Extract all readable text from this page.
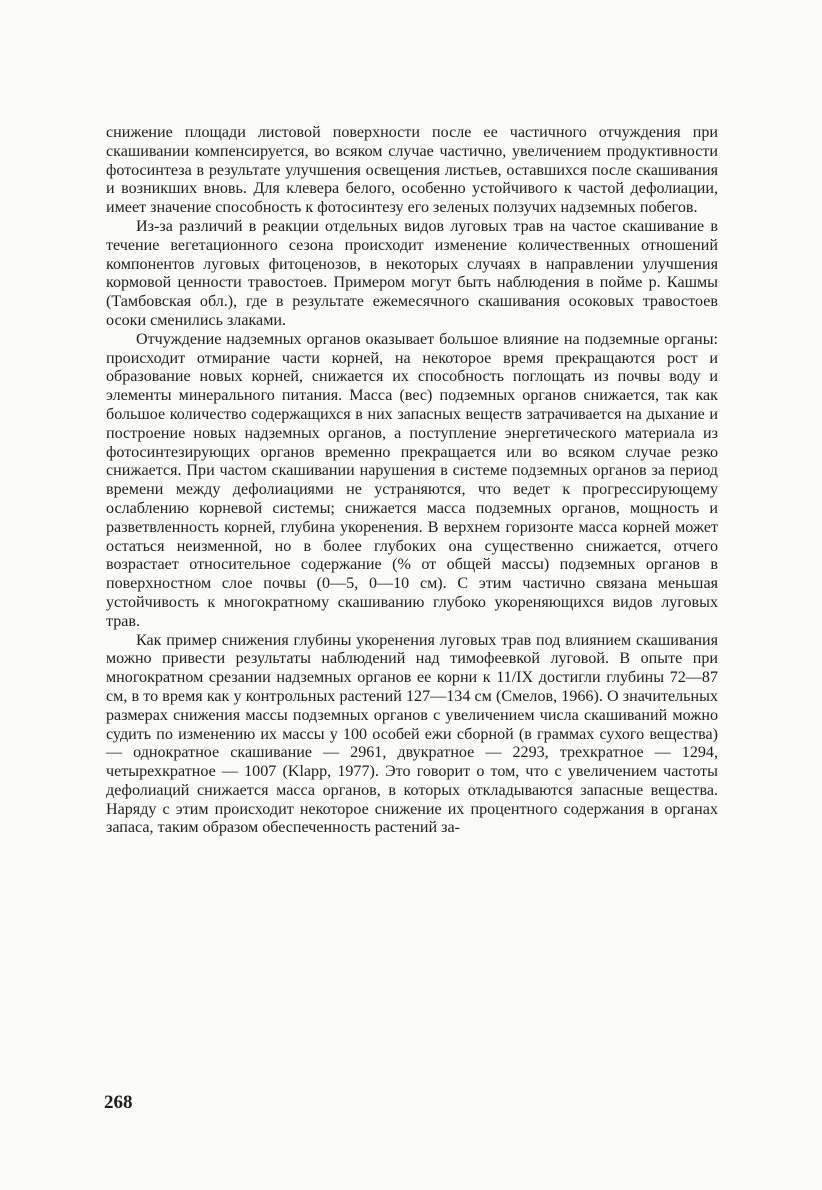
снижение площади листовой поверхности после ее частичного отчуждения при скашивании компенсируется, во всяком случае частично, увеличением продуктивности фотосинтеза в результате улучшения освещения листьев, оставшихся после скашивания и возникших вновь. Для клевера белого, особенно устойчивого к частой дефолиации, имеет значение способность к фотосинтезу его зеленых ползучих надземных побегов.

Из-за различий в реакции отдельных видов луговых трав на частое скашивание в течение вегетационного сезона происходит изменение количественных отношений компонентов луговых фитоценозов, в некоторых случаях в направлении улучшения кормовой ценности травостоев. Примером могут быть наблюдения в пойме р. Кашмы (Тамбовская обл.), где в результате ежемесячного скашивания осоковых травостоев осоки сменились злаками.

Отчуждение надземных органов оказывает большое влияние на подземные органы: происходит отмирание части корней, на некоторое время прекращаются рост и образование новых корней, снижается их способность поглощать из почвы воду и элементы минерального питания. Масса (вес) подземных органов снижается, так как большое количество содержащихся в них запасных веществ затрачивается на дыхание и построение новых надземных органов, а поступление энергетического материала из фотосинтезирующих органов временно прекращается или во всяком случае резко снижается. При частом скашивании нарушения в системе подземных органов за период времени между дефолиациями не устраняются, что ведет к прогрессирующему ослаблению корневой системы; снижается масса подземных органов, мощность и разветвленность корней, глубина укоренения. В верхнем горизонте масса корней может остаться неизменной, но в более глубоких она существенно снижается, отчего возрастает относительное содержание (% от общей массы) подземных органов в поверхностном слое почвы (0—5, 0—10 см). С этим частично связана меньшая устойчивость к многократному скашиванию глубоко укореняющихся видов луговых трав.

Как пример снижения глубины укоренения луговых трав под влиянием скашивания можно привести результаты наблюдений над тимофеевкой луговой. В опыте при многократном срезании надземных органов ее корни к 11/IX достигли глубины 72—87 см, в то время как у контрольных растений 127—134 см (Смелов, 1966). О значительных размерах снижения массы подземных органов с увеличением числа скашиваний можно судить по изменению их массы у 100 особей ежи сборной (в граммах сухого вещества) — однократное скашивание — 2961, двукратное — 2293, трехкратное — 1294, четырехкратное — 1007 (Klapp, 1977). Это говорит о том, что с увеличением частоты дефолиаций снижается масса органов, в которых откладываются запасные вещества. Наряду с этим происходит некоторое снижение их процентного содержания в органах запаса, таким образом обеспеченность растений за-

268
